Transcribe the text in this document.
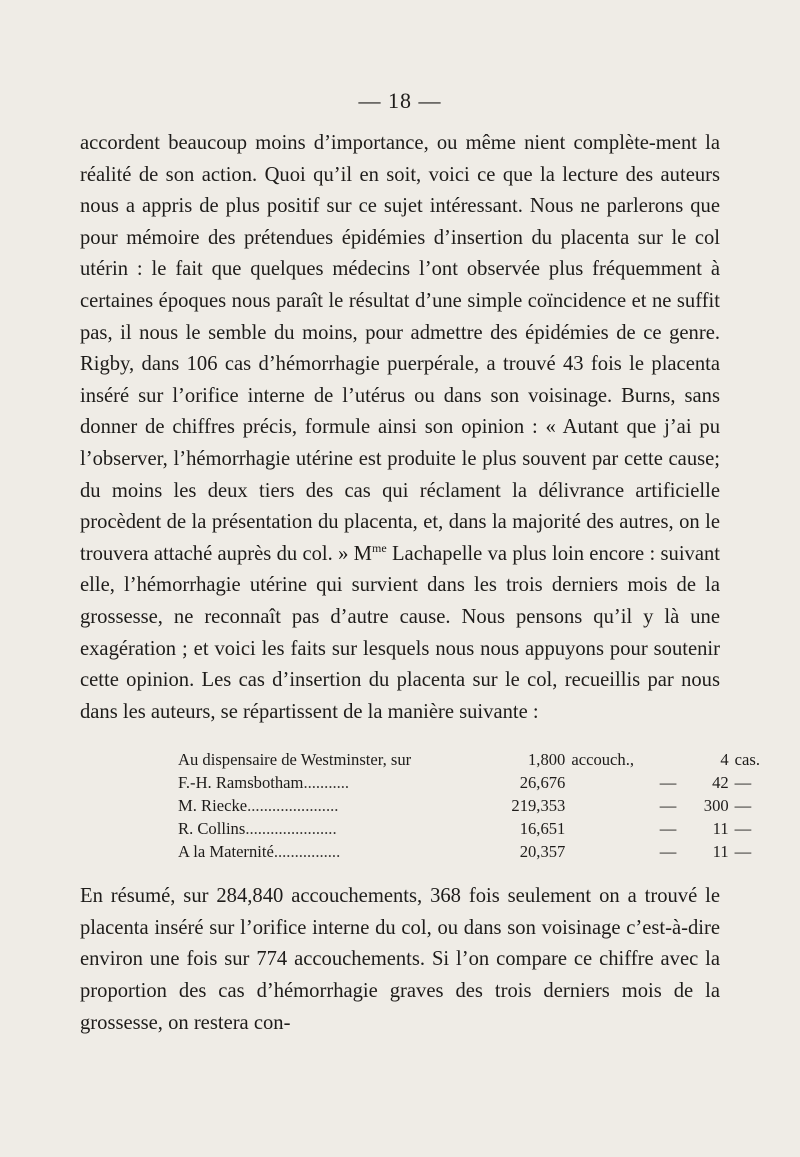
— 18 —

accordent beaucoup moins d’importance, ou même nient complète-ment la réalité de son action. Quoi qu’il en soit, voici ce que la lecture des auteurs nous a appris de plus positif sur ce sujet intéressant. Nous ne parlerons que pour mémoire des prétendues épidémies d’insertion du placenta sur le col utérin : le fait que quelques médecins l’ont observée plus fréquemment à certaines époques nous paraît le résultat d’une simple coïncidence et ne suffit pas, il nous le semble du moins, pour admettre des épidémies de ce genre. Rigby, dans 106 cas d’hémorrhagie puerpérale, a trouvé 43 fois le placenta inséré sur l’orifice interne de l’utérus ou dans son voisinage. Burns, sans donner de chiffres précis, formule ainsi son opinion : « Autant que j’ai pu l’observer, l’hémorrhagie utérine est produite le plus souvent par cette cause; du moins les deux tiers des cas qui réclament la délivrance artificielle procèdent de la présentation du placenta, et, dans la majorité des autres, on le trouvera attaché auprès du col. » $M^{me}$ Lachapelle va plus loin encore : suivant elle, l’hémorrhagie utérine qui survient dans les trois derniers mois de la grossesse, ne reconnaît pas d’autre cause. Nous pensons qu’il y là une exagération ; et voici les faits sur lesquels nous nous appuyons pour soutenir cette opinion. Les cas d’insertion du placenta sur le col, recueillis par nous dans les auteurs, se répartissent de la manière suivante :

Au dispensaire de Westminster, sur	1,800	accouch.,		4	cas.
F.-H. Ramsbotham...........	26,676		—	42	—
M. Riecke......................	219,353		—	300	—
R. Collins......................	16,651		—	11	—
A la Maternité................	20,357		—	11	—

En résumé, sur 284,840 accouchements, 368 fois seulement on a trouvé le placenta inséré sur l’orifice interne du col, ou dans son voisinage c’est-à-dire environ une fois sur 774 accouchements. Si l’on compare ce chiffre avec la proportion des cas d’hémorrhagie graves des trois derniers mois de la grossesse, on restera con-
